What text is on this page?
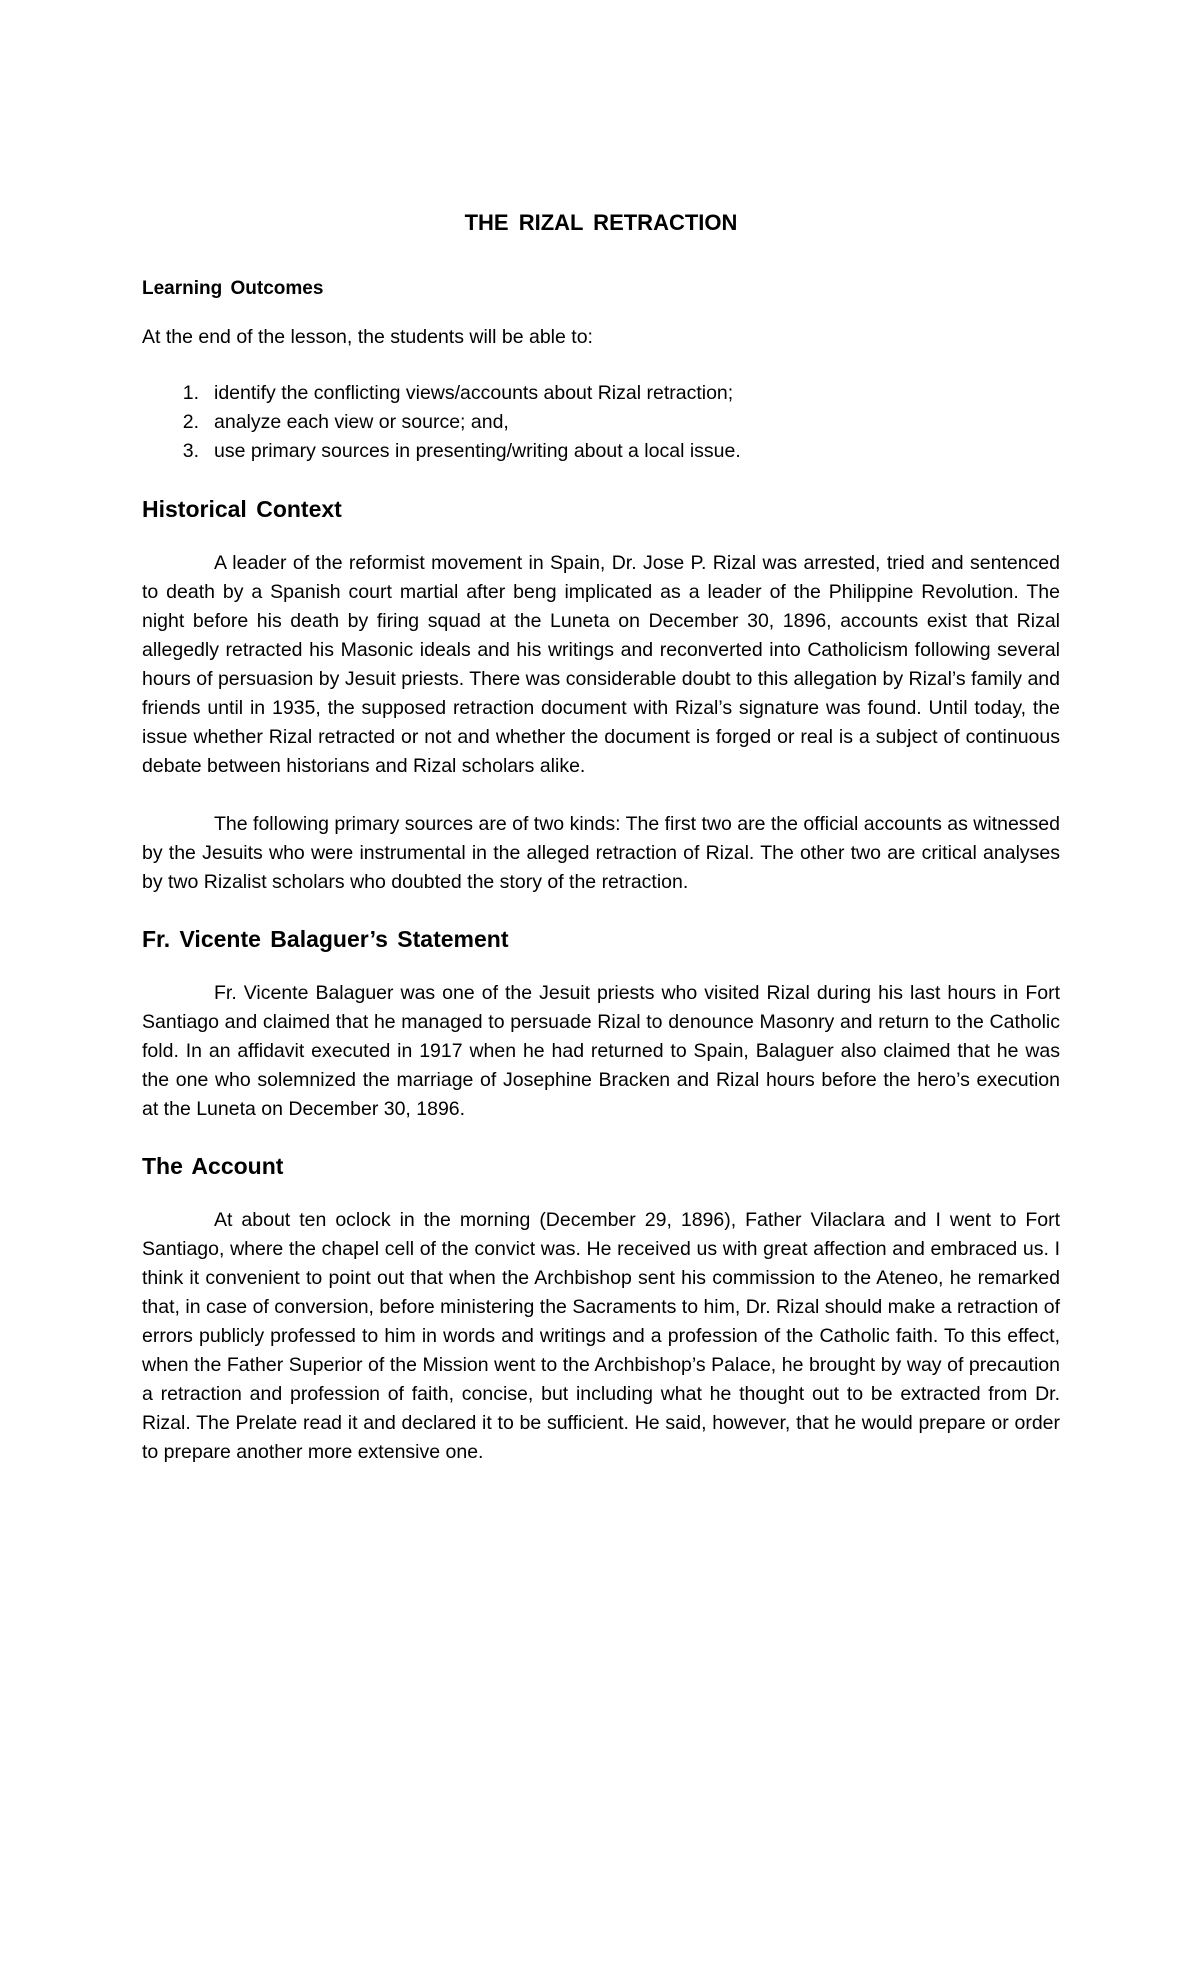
THE RIZAL RETRACTION
Learning Outcomes

At the end of the lesson, the students will be able to:

1. identify the conflicting views/accounts about Rizal retraction;
2. analyze each view or source; and,
3. use primary sources in presenting/writing about a local issue.
Historical Context

A leader of the reformist movement in Spain, Dr. Jose P. Rizal was arrested, tried and sentenced to death by a Spanish court martial after beng implicated as a leader of the Philippine Revolution. The night before his death by firing squad at the Luneta on December 30, 1896, accounts exist that Rizal allegedly retracted his Masonic ideals and his writings and reconverted into Catholicism following several hours of persuasion by Jesuit priests. There was considerable doubt to this allegation by Rizal’s family and friends until in 1935, the supposed retraction document with Rizal’s signature was found. Until today, the issue whether Rizal retracted or not and whether the document is forged or real is a subject of continuous debate between historians and Rizal scholars alike.

The following primary sources are of two kinds: The first two are the official accounts as witnessed by the Jesuits who were instrumental in the alleged retraction of Rizal. The other two are critical analyses by two Rizalist scholars who doubted the story of the retraction.

Fr. Vicente Balaguer’s Statement

Fr. Vicente Balaguer was one of the Jesuit priests who visited Rizal during his last hours in Fort Santiago and claimed that he managed to persuade Rizal to denounce Masonry and return to the Catholic fold. In an affidavit executed in 1917 when he had returned to Spain, Balaguer also claimed that he was the one who solemnized the marriage of Josephine Bracken and Rizal hours before the hero’s execution at the Luneta on December 30, 1896.

The Account

At about ten oclock in the morning (December 29, 1896), Father Vilaclara and I went to Fort Santiago, where the chapel cell of the convict was. He received us with great affection and embraced us. I think it convenient to point out that when the Archbishop sent his commission to the Ateneo, he remarked that, in case of conversion, before ministering the Sacraments to him, Dr. Rizal should make a retraction of errors publicly professed to him in words and writings and a profession of the Catholic faith. To this effect, when the Father Superior of the Mission went to the Archbishop’s Palace, he brought by way of precaution a retraction and profession of faith, concise, but including what he thought out to be extracted from Dr. Rizal. The Prelate read it and declared it to be sufficient. He said, however, that he would prepare or order to prepare another more extensive one.
